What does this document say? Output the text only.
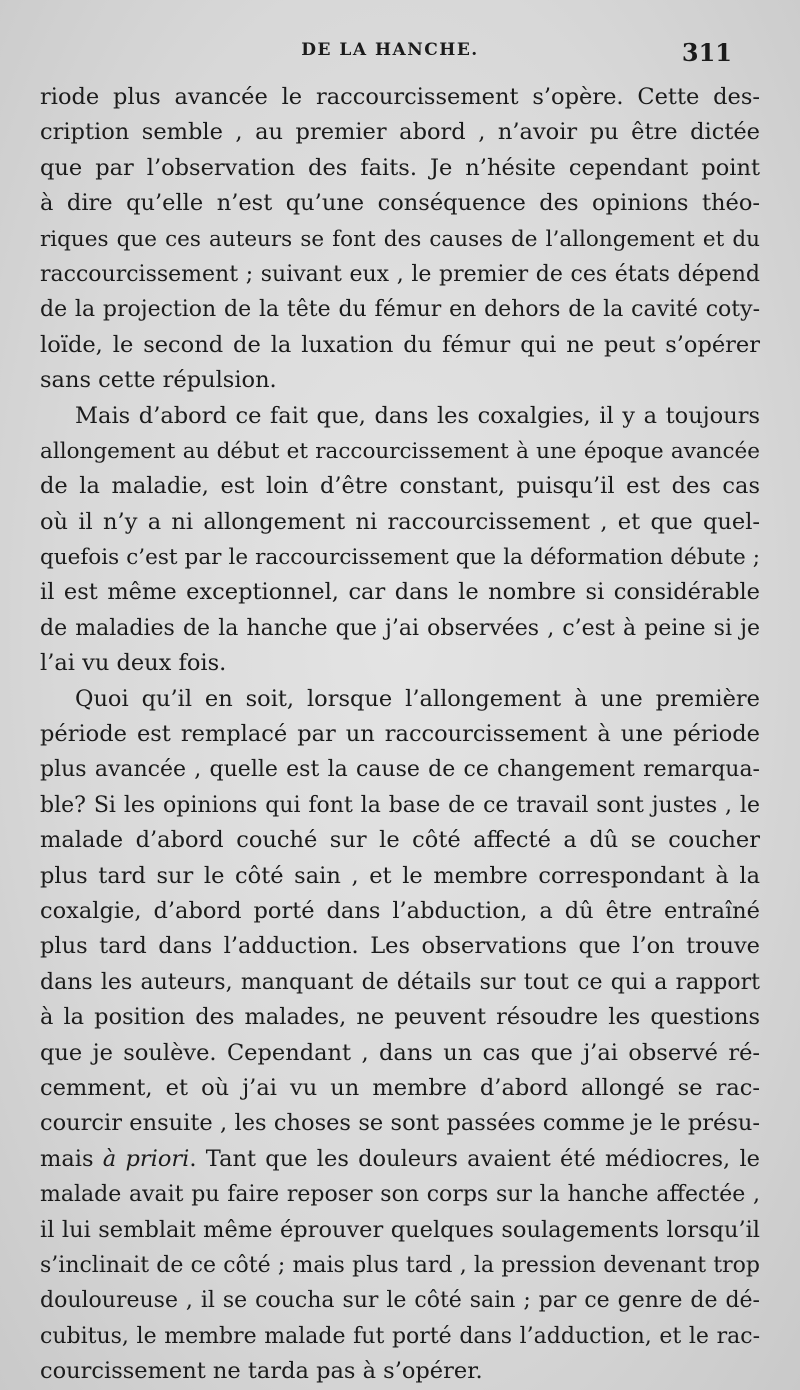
DE LA HANCHE.	311
riode plus avancée le raccourcissement s’opère. Cette des-
cription semble , au premier abord , n’avoir pu être dictée
que par l’observation des faits. Je n’hésite cependant point
à dire qu’elle n’est qu’une conséquence des opinions théo-
riques que ces auteurs se font des causes de l’allongement et du
raccourcissement ; suivant eux , le premier de ces états dépend
de la projection de la tête du fémur en dehors de la cavité coty-
loïde, le second de la luxation du fémur qui ne peut s’opérer
sans cette répulsion.
Mais d’abord ce fait que, dans les coxalgies, il y a toujours
allongement au début et raccourcissement à une époque avancée
de la maladie, est loin d’être constant, puisqu’il est des cas
où il n’y a ni allongement ni raccourcissement , et que quel-
quefois c’est par le raccourcissement que la déformation débute ;
il est même exceptionnel, car dans le nombre si considérable
de maladies de la hanche que j’ai observées , c’est à peine si je
l’ai vu deux fois.
Quoi qu’il en soit, lorsque l’allongement à une première
période est remplacé par un raccourcissement à une période
plus avancée , quelle est la cause de ce changement remarqua-
ble? Si les opinions qui font la base de ce travail sont justes , le
malade d’abord couché sur le côté affecté a dû se coucher
plus tard sur le côté sain , et le membre correspondant à la
coxalgie, d’abord porté dans l’abduction, a dû être entraîné
plus tard dans l’adduction. Les observations que l’on trouve
dans les auteurs, manquant de détails sur tout ce qui a rapport
à la position des malades, ne peuvent résoudre les questions
que je soulève. Cependant , dans un cas que j’ai observé ré-
cemment, et où j’ai vu un membre d’abord allongé se rac-
courcir ensuite , les choses se sont passées comme je le présu-
mais à priori. Tant que les douleurs avaient été médiocres, le
malade avait pu faire reposer son corps sur la hanche affectée ,
il lui semblait même éprouver quelques soulagements lorsqu’il
s’inclinait de ce côté ; mais plus tard , la pression devenant trop
douloureuse , il se coucha sur le côté sain ; par ce genre de dé-
cubitus, le membre malade fut porté dans l’adduction, et le rac-
courcissement ne tarda pas à s’opérer.
